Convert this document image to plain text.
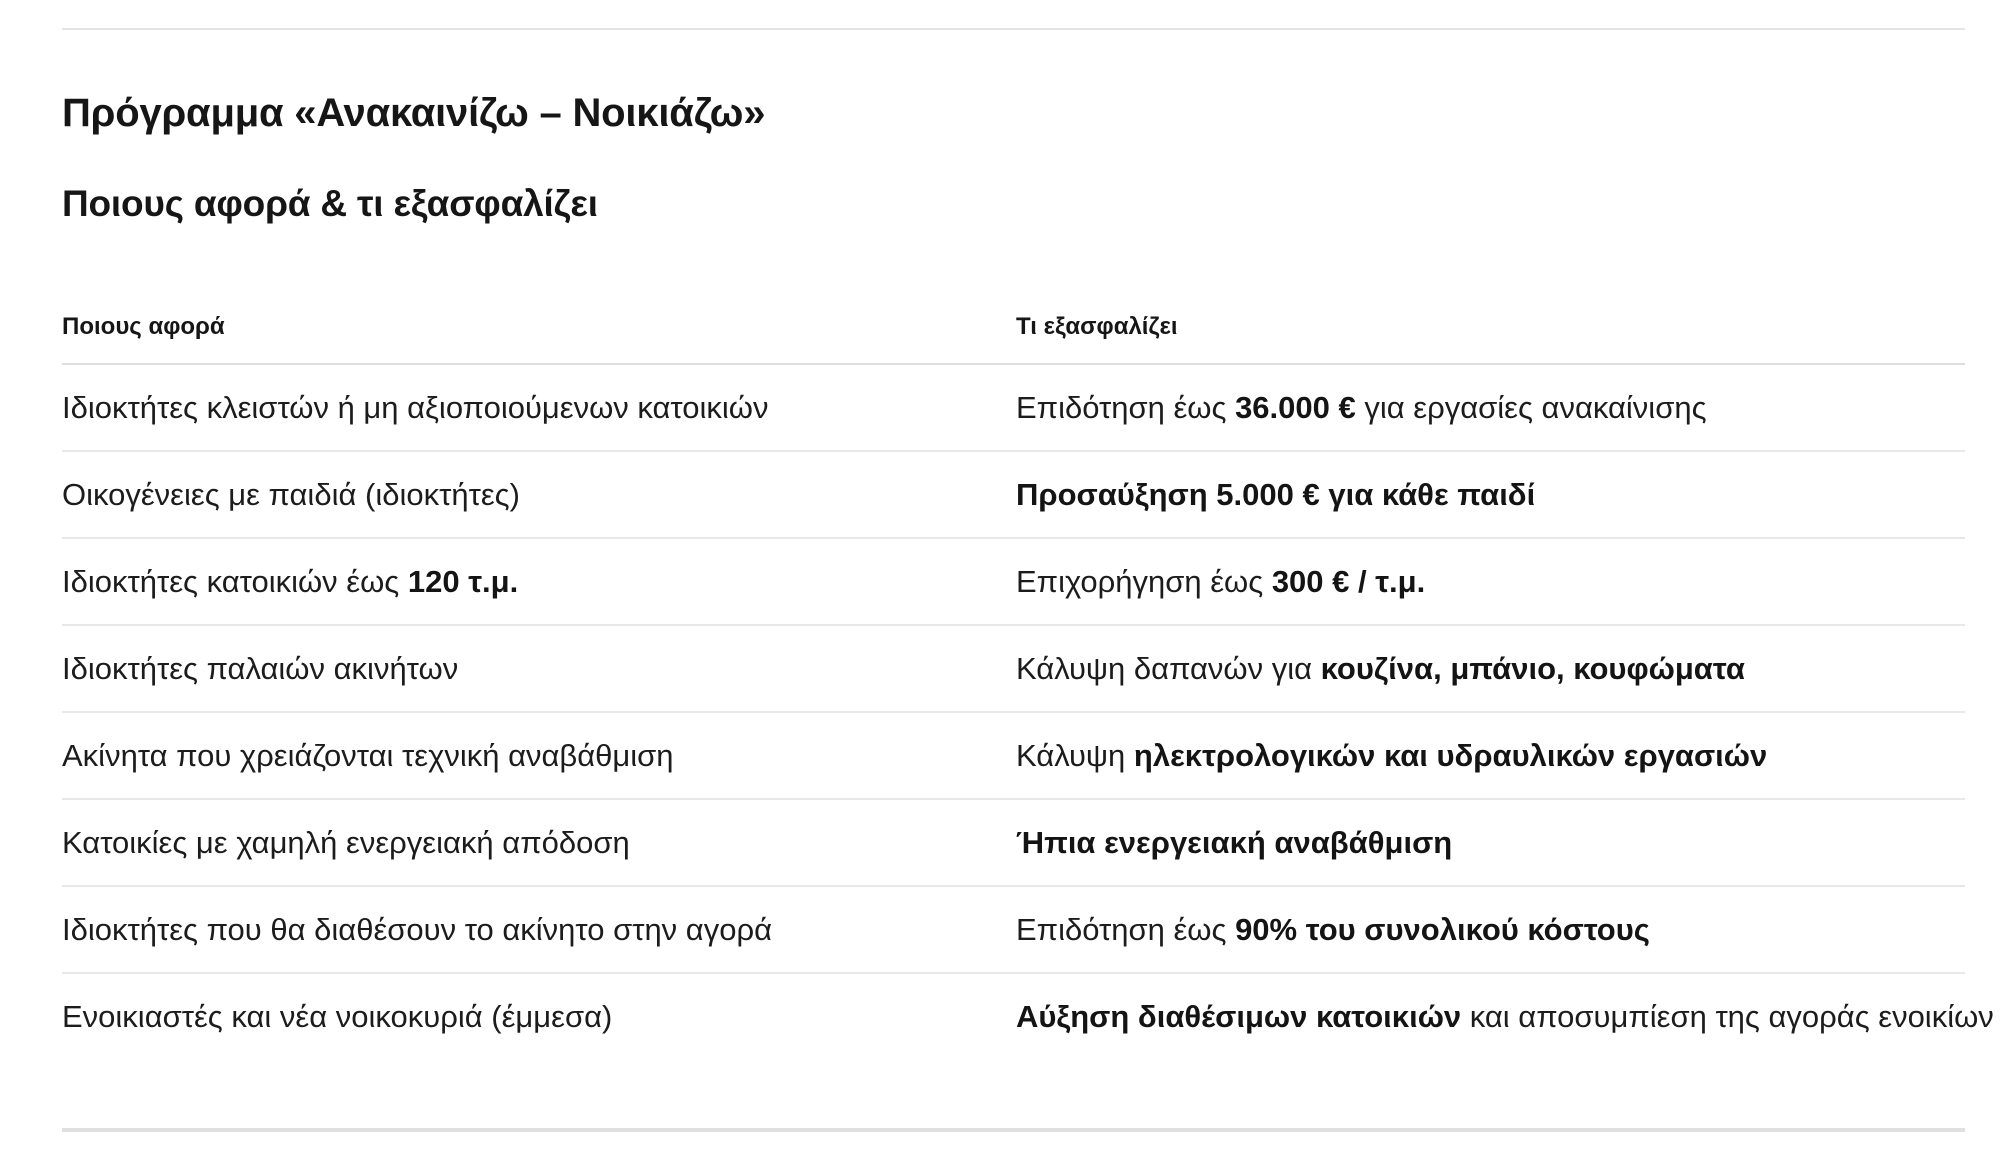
Πρόγραμμα «Ανακαινίζω – Νοικιάζω»
Ποιους αφορά & τι εξασφαλίζει
Ποιους αφορά	Τι εξασφαλίζει
Ιδιοκτήτες κλειστών ή μη αξιοποιούμενων κατοικιών	Επιδότηση έως 36.000 € για εργασίες ανακαίνισης
Οικογένειες με παιδιά (ιδιοκτήτες)	Προσαύξηση 5.000 € για κάθε παιδί
Ιδιοκτήτες κατοικιών έως 120 τ.μ.	Επιχορήγηση έως 300 € / τ.μ.
Ιδιοκτήτες παλαιών ακινήτων	Κάλυψη δαπανών για κουζίνα, μπάνιο, κουφώματα
Ακίνητα που χρειάζονται τεχνική αναβάθμιση	Κάλυψη ηλεκτρολογικών και υδραυλικών εργασιών
Κατοικίες με χαμηλή ενεργειακή απόδοση	Ήπια ενεργειακή αναβάθμιση
Ιδιοκτήτες που θα διαθέσουν το ακίνητο στην αγορά	Επιδότηση έως 90% του συνολικού κόστους
Ενοικιαστές και νέα νοικοκυριά (έμμεσα)	Αύξηση διαθέσιμων κατοικιών και αποσυμπίεση της αγοράς ενοικίων
